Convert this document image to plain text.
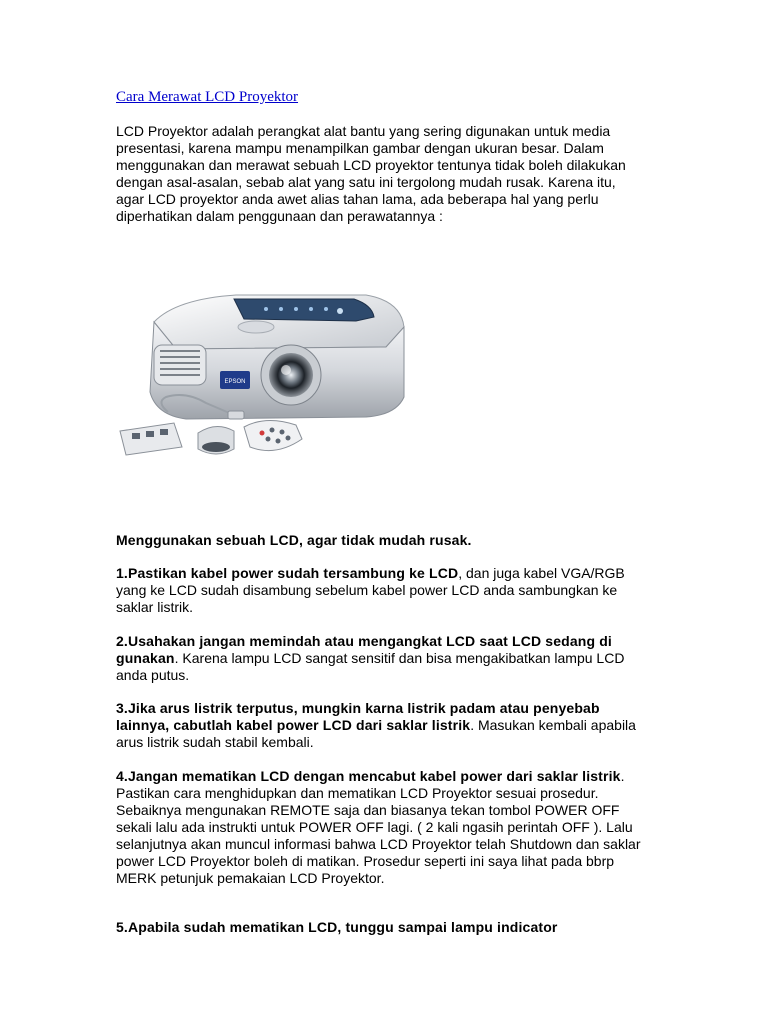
Cara Merawat LCD Proyektor

LCD Proyektor adalah perangkat alat bantu yang sering digunakan untuk media presentasi, karena mampu menampilkan gambar dengan ukuran besar. Dalam menggunakan dan merawat sebuah LCD proyektor tentunya tidak boleh dilakukan dengan asal-asalan, sebab alat yang satu ini tergolong mudah rusak. Karena itu, agar LCD proyektor anda awet alias tahan lama, ada beberapa hal yang perlu diperhatikan dalam penggunaan dan perawatannya :

EPSON

Menggunakan sebuah LCD, agar tidak mudah rusak.

1.Pastikan kabel power sudah tersambung ke LCD, dan juga kabel VGA/RGB yang ke LCD sudah disambung sebelum kabel power LCD anda sambungkan ke saklar listrik.

2.Usahakan jangan memindah atau mengangkat LCD saat LCD sedang di gunakan. Karena lampu LCD sangat sensitif dan bisa mengakibatkan lampu LCD anda putus.

3.Jika arus listrik terputus, mungkin karna listrik padam atau penyebab lainnya, cabutlah kabel power LCD dari saklar listrik. Masukan kembali apabila arus listrik sudah stabil kembali.

4.Jangan mematikan LCD dengan mencabut kabel power dari saklar listrik. Pastikan cara menghidupkan dan mematikan LCD Proyektor sesuai prosedur. Sebaiknya mengunakan REMOTE saja dan biasanya tekan tombol POWER OFF sekali lalu ada instrukti untuk POWER OFF lagi. ( 2 kali ngasih perintah OFF ). Lalu selanjutnya akan muncul informasi bahwa LCD Proyektor telah Shutdown dan saklar power LCD Proyektor boleh di matikan. Prosedur seperti ini saya lihat pada bbrp MERK petunjuk pemakaian LCD Proyektor.

5.Apabila sudah mematikan LCD, tunggu sampai lampu indicator
